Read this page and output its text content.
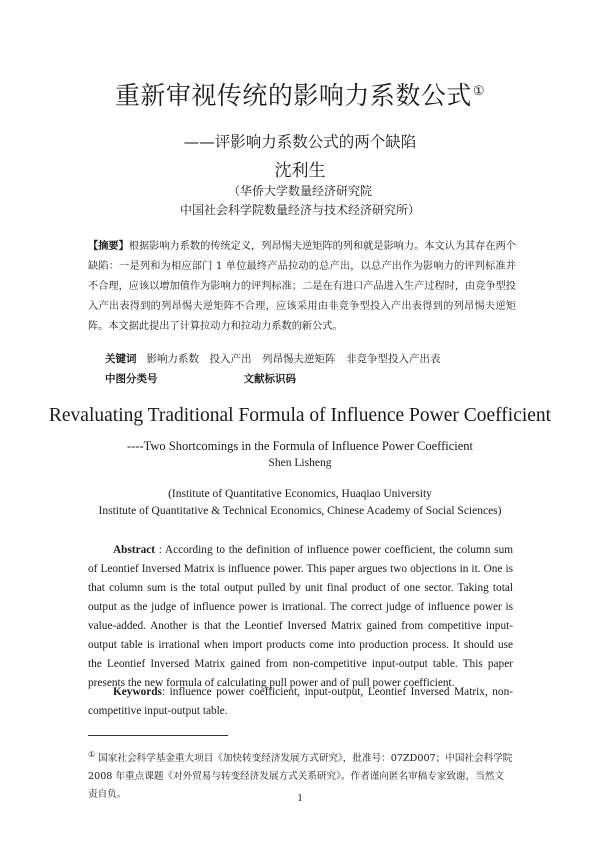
重新审视传统的影响力系数公式①
——评影响力系数公式的两个缺陷
沈利生
（华侨大学数量经济研究院
中国社会科学院数量经济与技术经济研究所）
【摘要】根据影响力系数的传统定义，列昂惕夫逆矩阵的列和就是影响力。本文认为其存在两个缺陷：一是列和为相应部门 1 单位最终产品拉动的总产出，以总产出作为影响力的评判标准并不合理，应该以增加值作为影响力的评判标准；二是在有进口产品进入生产过程时，由竞争型投入产出表得到的列昂惕夫逆矩阵不合理，应该采用由非竞争型投入产出表得到的列昂惕夫逆矩阵。本文据此提出了计算拉动力和拉动力系数的新公式。
关键词 影响力系数　投入产出　列昂惕夫逆矩阵　非竞争型投入产出表
中图分类号	文献标识码
Revaluating Traditional Formula of Influence Power Coefficient
----Two Shortcomings in the Formula of Influence Power Coefficient
Shen Lisheng
(Institute of Quantitative Economics, Huaqiao University
Institute of Quantitative & Technical Economics, Chinese Academy of Social Sciences)
Abstract : According to the definition of influence power coefficient, the column sum of Leontief Inversed Matrix is influence power. This paper argues two objections in it. One is that column sum is the total output pulled by unit final product of one sector. Taking total output as the judge of influence power is irrational. The correct judge of influence power is value-added. Another is that the Leontief Inversed Matrix gained from competitive input-output table is irrational when import products come into production process. It should use the Leontief Inversed Matrix gained from non-competitive input-output table. This paper presents the new formula of calculating pull power and of pull power coefficient.
Keywords: influence power coefficient, input-output, Leontief Inversed Matrix, non-competitive input-output table.
① 国家社会科学基金重大项目《加快转变经济发展方式研究》，批准号：07ZD007；中国社会科学院 2008 年重点课题《对外贸易与转变经济发展方式关系研究》。作者谨向匿名审稿专家致谢，当然文责自负。	1
